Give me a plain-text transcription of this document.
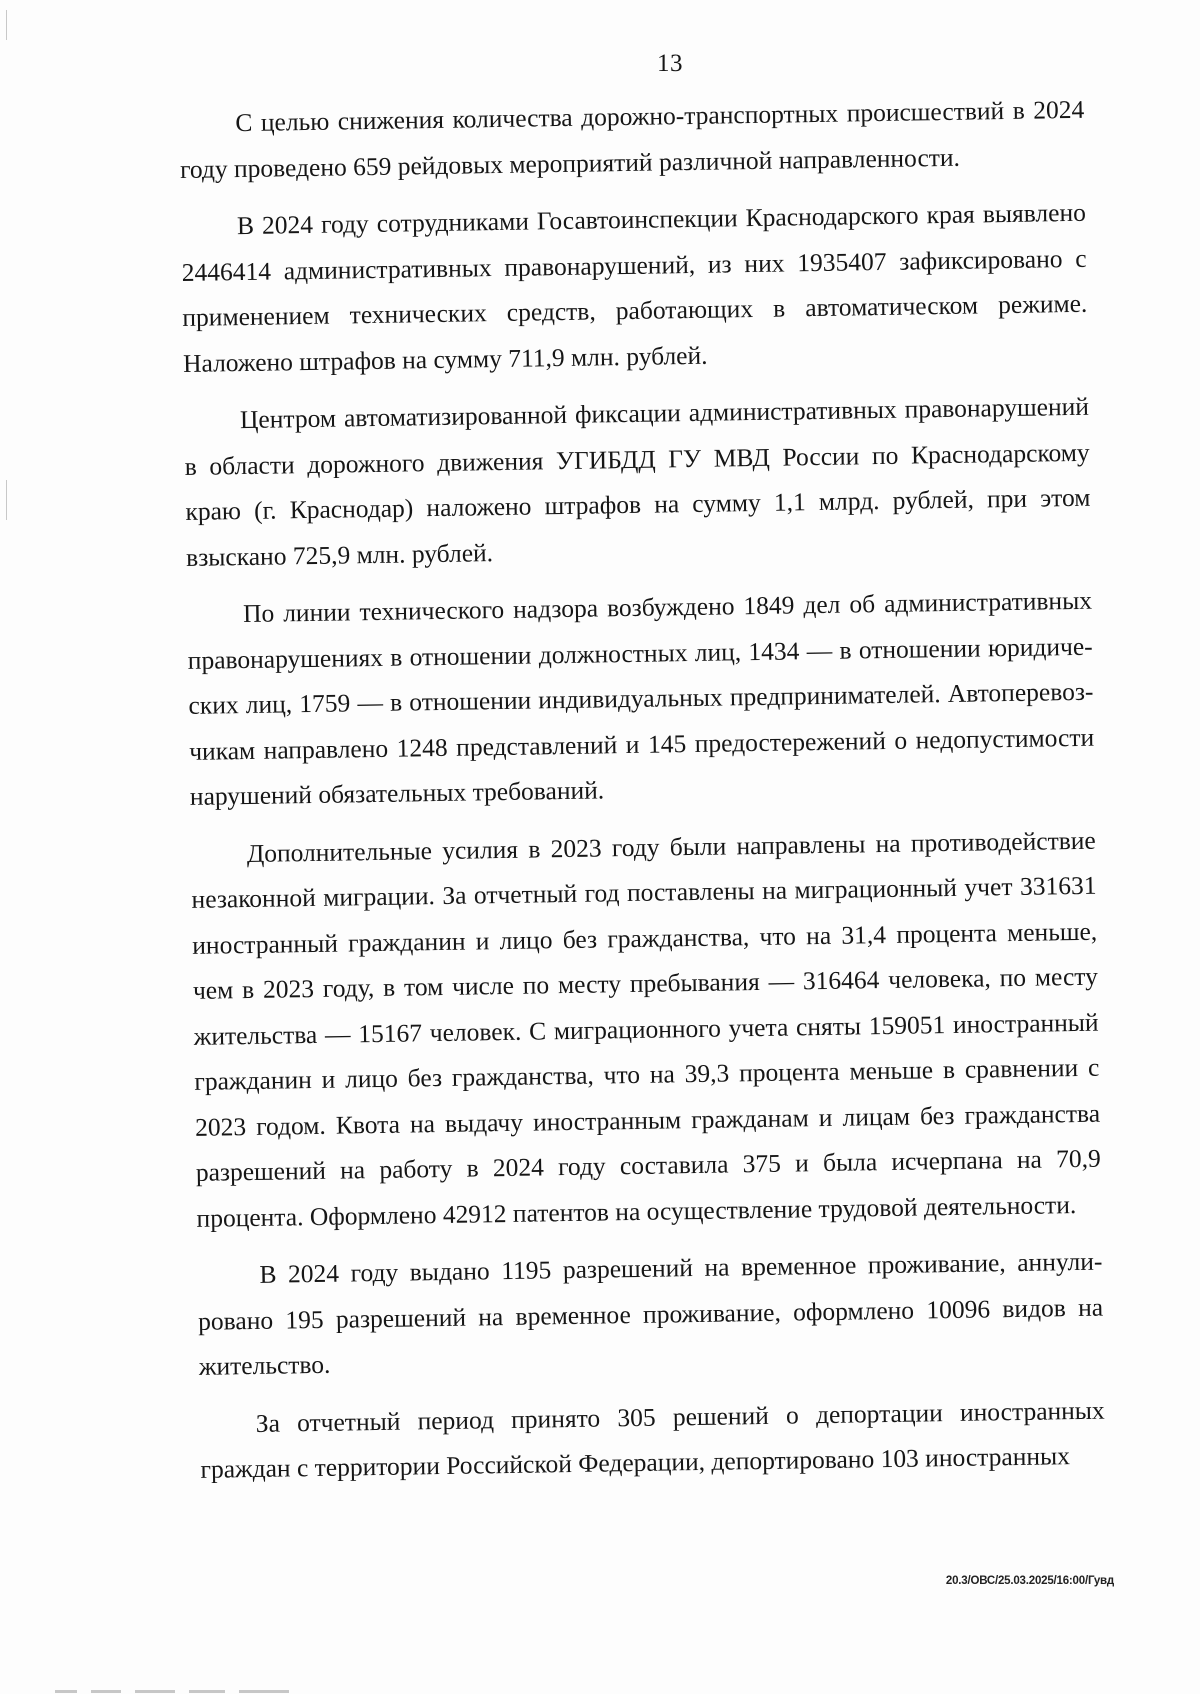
13

С целью снижения количества дорожно-транспортных происшествий в 2024 году проведено 659 рейдовых мероприятий различной направленности.

В 2024 году сотрудниками Госавтоинспекции Краснодарского края выявлено 2446414 административных правонарушений, из них 1935407 зафиксировано с применением технических средств, работающих в автоматическом режиме. Наложено штрафов на сумму 711,9 млн. рублей.

Центром автоматизированной фиксации административных правонарушений в области дорожного движения УГИБДД ГУ МВД России по Краснодарскому краю (г. Краснодар) наложено штрафов на сумму 1,1 млрд. рублей, при этом взыскано 725,9 млн. рублей.

По линии технического надзора возбуждено 1849 дел об административных правонарушениях в отношении должностных лиц, 1434 — в отношении юридических лиц, 1759 — в отношении индивидуальных предпринимателей. Автоперевозчикам направлено 1248 представлений и 145 предостережений о недопустимости нарушений обязательных требований.

Дополнительные усилия в 2023 году были направлены на противодействие незаконной миграции. За отчетный год поставлены на миграционный учет 331631 иностранный гражданин и лицо без гражданства, что на 31,4 процента меньше, чем в 2023 году, в том числе по месту пребывания — 316464 человека, по месту жительства — 15167 человек. С миграционного учета сняты 159051 иностранный гражданин и лицо без гражданства, что на 39,3 процента меньше в сравнении с 2023 годом. Квота на выдачу иностранным гражданам и лицам без гражданства разрешений на работу в 2024 году составила 375 и была исчерпана на 70,9 процента. Оформлено 42912 патентов на осуществление трудовой деятельности.

В 2024 году выдано 1195 разрешений на временное проживание, аннулировано 195 разрешений на временное проживание, оформлено 10096 видов на жительство.

За отчетный период принято 305 решений о депортации иностранных граждан с территории Российской Федерации, депортировано 103 иностранных

20.3/ОВС/25.03.2025/16:00/Гувд
